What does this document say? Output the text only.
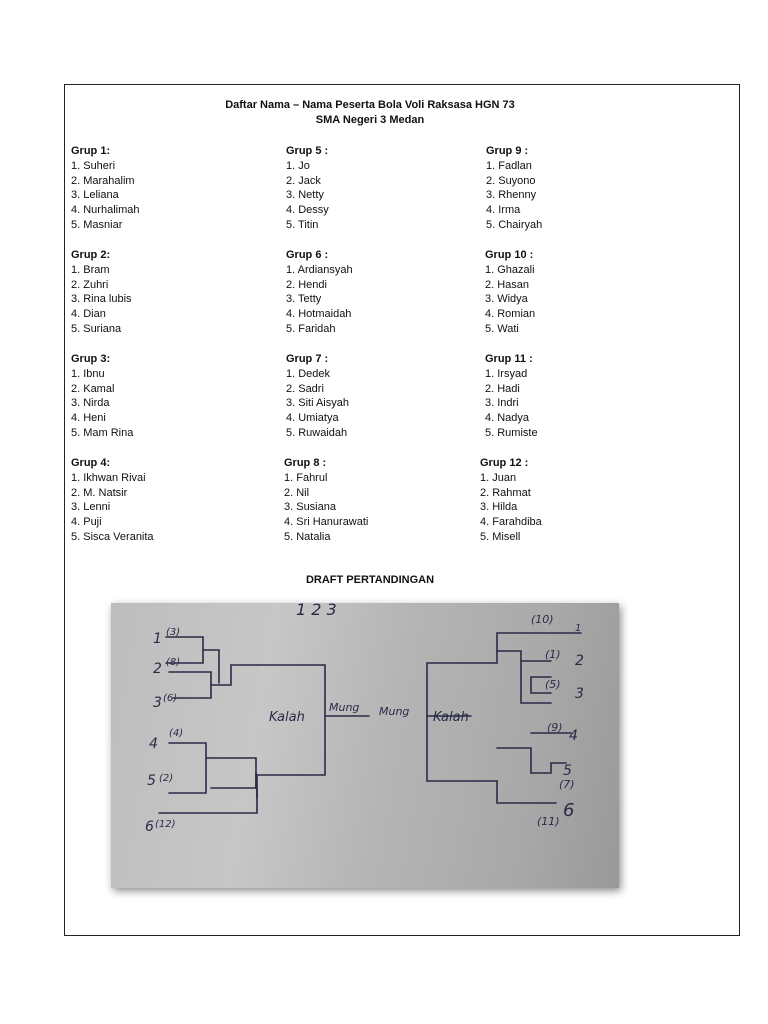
Daftar Nama – Nama Peserta Bola Voli Raksasa HGN 73
SMA Negeri 3 Medan
Grup 1:
1. Suheri
2. Marahalim
3. Leliana
4. Nurhalimah
5. Masniar
Grup 2:
1. Bram
2. Zuhri
3. Rina lubis
4. Dian
5. Suriana
Grup 3:
1. Ibnu
2. Kamal
3. Nirda
4. Heni
5. Mam Rina
Grup 4:
1. Ikhwan Rivai
2. M. Natsir
3. Lenni
4. Puji
5. Sisca Veranita
Grup 5 :
1. Jo
2. Jack
3. Netty
4. Dessy
5. Titin
Grup 6 :
1. Ardiansyah
2. Hendi
3. Tetty
4. Hotmaidah
5. Faridah
Grup 7 :
1. Dedek
2. Sadri
3. Siti Aisyah
4. Umiatya
5. Ruwaidah
Grup 8 :
1. Fahrul
2. Nil
3. Susiana
4. Sri Hanurawati
5. Natalia
Grup 9 :
1. Fadlan
2. Suyono
3. Rhenny
4. Irma
5. Chairyah
Grup 10 :
1. Ghazali
2. Hasan
3. Widya
4. Romian
5. Wati
Grup 11 :
1. Irsyad
2. Hadi
3. Indri
4. Nadya
5. Rumiste
Grup 12 :
1. Juan
2. Rahmat
3. Hilda
4. Farahdiba
5. Misell
DRAFT PERTANDINGAN
1 2 3
1 (3)
2 (8)
3 (6)
4
(4)
5 (2)
6 (12)
Kalah
Mung Mung Kalah
(10)
1
(1) 2
(5)
3
(9)
4
5
(7)
6
(11)
